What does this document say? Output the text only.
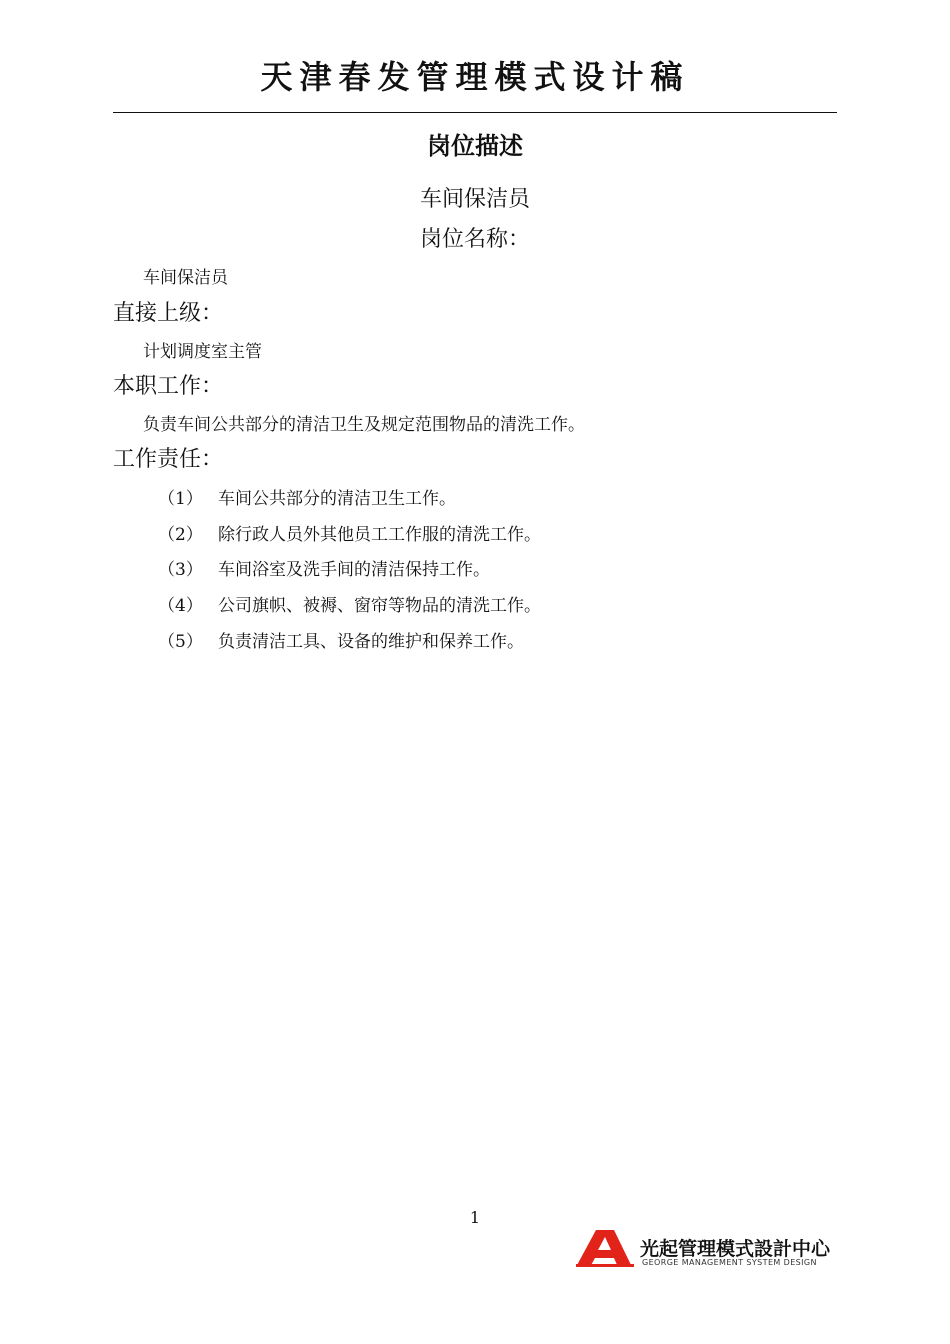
天津春发管理模式设计稿
岗位描述
车间保洁员
岗位名称：
车间保洁员
直接上级：
计划调度室主管
本职工作：
负责车间公共部分的清洁卫生及规定范围物品的清洗工作。
工作责任：
（1） 车间公共部分的清洁卫生工作。
（2） 除行政人员外其他员工工作服的清洗工作。
（3） 车间浴室及洗手间的清洁保持工作。
（4） 公司旗帜、被褥、窗帘等物品的清洗工作。
（5） 负责清洁工具、设备的维护和保养工作。
1
光起管理模式設計中心
GEORGE MANAGEMENT SYSTEM DESIGN
